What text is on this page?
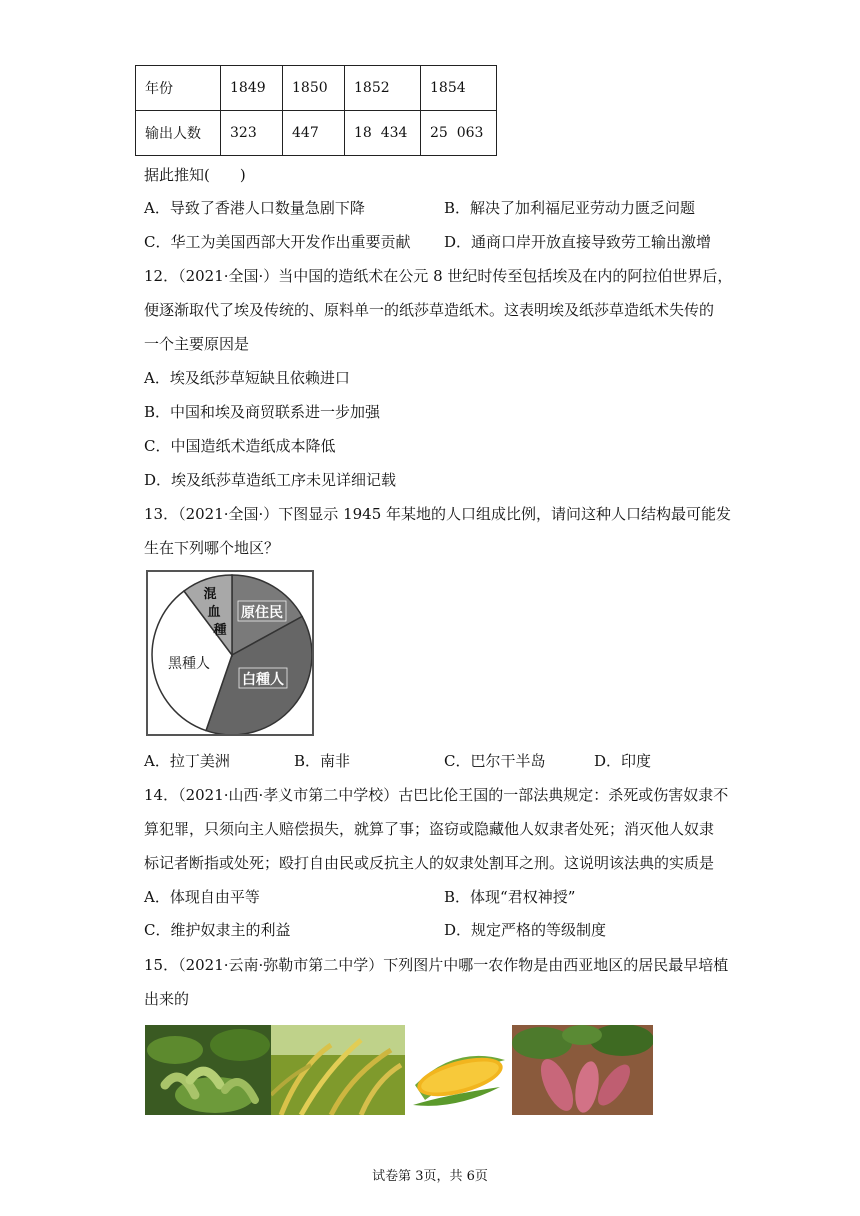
年份	1849	1850	1852	1854
输出人数	323	447	18  434	25  063
据此推知(　　)
A．导致了香港人口数量急剧下降	B．解决了加利福尼亚劳动力匮乏问题
C．华工为美国西部大开发作出重要贡献 D．通商口岸开放直接导致劳工输出激增
12．（2021·全国·）当中国的造纸术在公元 8 世纪时传至包括埃及在内的阿拉伯世界后，
便逐渐取代了埃及传统的、原料单一的纸莎草造纸术。这表明埃及纸莎草造纸术失传的
一个主要原因是
A．埃及纸莎草短缺且依赖进口
B．中国和埃及商贸联系进一步加强
C．中国造纸术造纸成本降低
D．埃及纸莎草造纸工序未见详细记载
13．（2021·全国·）下图显示 1945 年某地的人口组成比例，请问这种人口结构最可能发
生在下列哪个地区？
原住民
白種人
黑種人
混
血
種
A．拉丁美洲	B．南非	C．巴尔干半岛	D．印度
14．（2021·山西·孝义市第二中学校）古巴比伦王国的一部法典规定：杀死或伤害奴隶不
算犯罪，只须向主人赔偿损失，就算了事；盗窃或隐藏他人奴隶者处死；消灭他人奴隶
标记者断指或处死；殴打自由民或反抗主人的奴隶处割耳之刑。这说明该法典的实质是
A．体现自由平等	B．体现“君权神授”
C．维护奴隶主的利益	D．规定严格的等级制度
15．（2021·云南·弥勒市第二中学）下列图片中哪一农作物是由西亚地区的居民最早培植
出来的
试卷第 3页，共 6页
